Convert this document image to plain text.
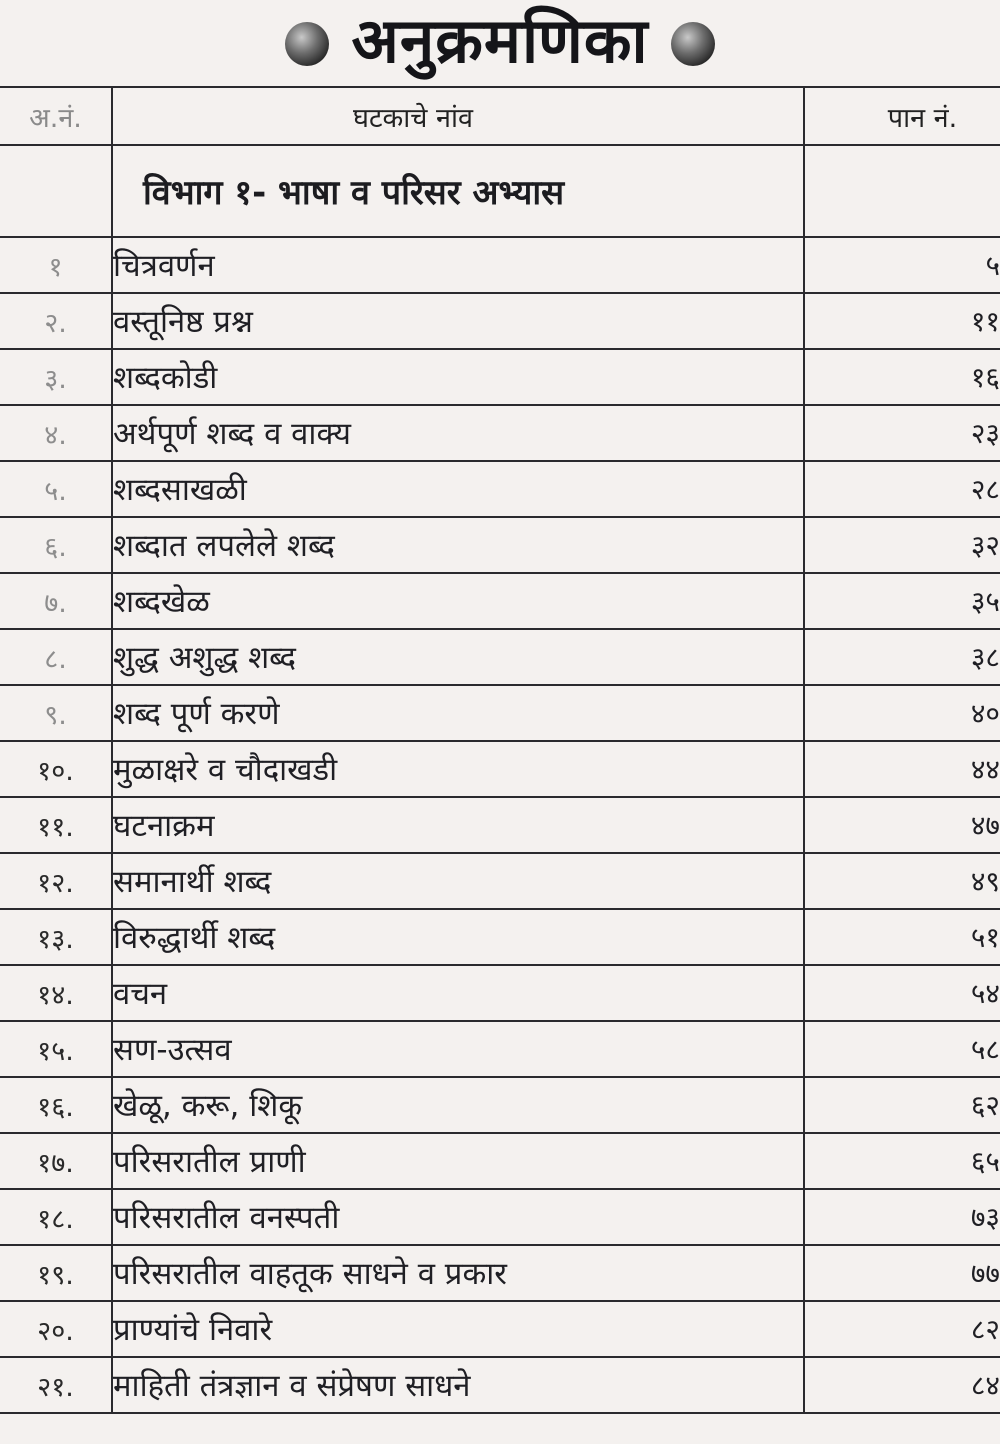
अनुक्रमणिका
अ.नं.	घटकाचे नांव	पान नं.
	विभाग १- भाषा व परिसर अभ्यास	
१	चित्रवर्णन	५
२.	वस्तूनिष्ठ प्रश्न	११
३.	शब्दकोडी	१६
४.	अर्थपूर्ण शब्द व वाक्य	२३
५.	शब्दसाखळी	२८
६.	शब्दात लपलेले शब्द	३२
७.	शब्दखेळ	३५
८.	शुद्ध अशुद्ध शब्द	३८
९.	शब्द पूर्ण करणे	४०
१०.	मुळाक्षरे व चौदाखडी	४४
११.	घटनाक्रम	४७
१२.	समानार्थी शब्द	४९
१३.	विरुद्धार्थी शब्द	५१
१४.	वचन	५४
१५.	सण-उत्सव	५८
१६.	खेळू, करू, शिकू	६२
१७.	परिसरातील प्राणी	६५
१८.	परिसरातील वनस्पती	७३
१९.	परिसरातील वाहतूक साधने व प्रकार	७७
२०.	प्राण्यांचे निवारे	८२
२१.	माहिती तंत्रज्ञान व संप्रेषण साधने	८४
